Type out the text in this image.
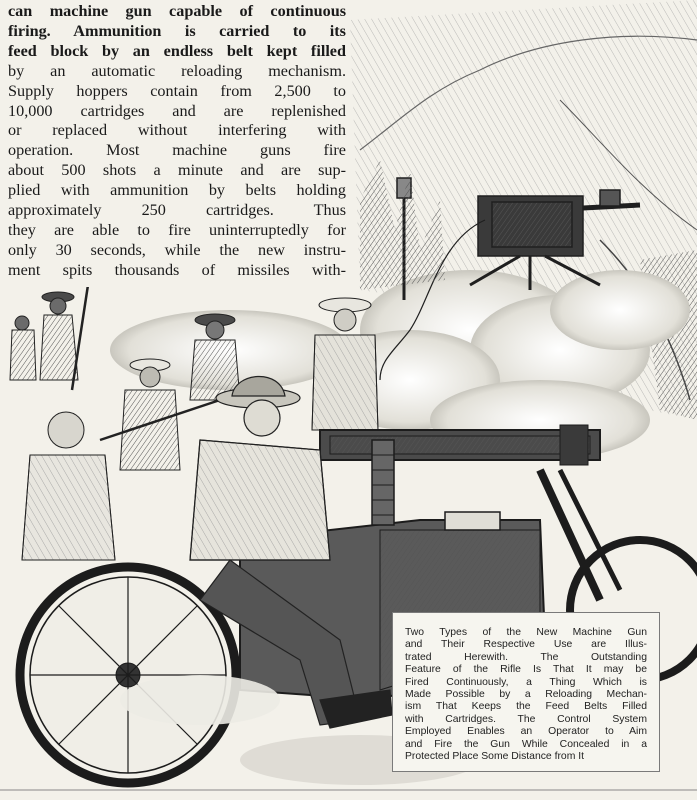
can machine gun capable of continuous
firing. Ammunition is carried to its
feed block by an endless belt kept filled
by an automatic reloading mechanism.
Supply hoppers contain from 2,500 to
10,000 cartridges and are replenished
or replaced without interfering with
operation. Most machine guns fire
about 500 shots a minute and are sup-
plied with ammunition by belts holding
approximately 250 cartridges. Thus
they are able to fire uninterruptedly for
only 30 seconds, while the new instru-
ment spits thousands of missiles with-
Two Types of the New Machine Gun
and Their Respective Use are Illus-
trated Herewith. The Outstanding
Feature of the Rifle Is That It may be
Fired Continuously, a Thing Which is
Made Possible by a Reloading Mechan-
ism That Keeps the Feed Belts Filled
with Cartridges. The Control System
Employed Enables an Operator to Aim
and Fire the Gun While Concealed in a
Protected Place Some Distance from It
